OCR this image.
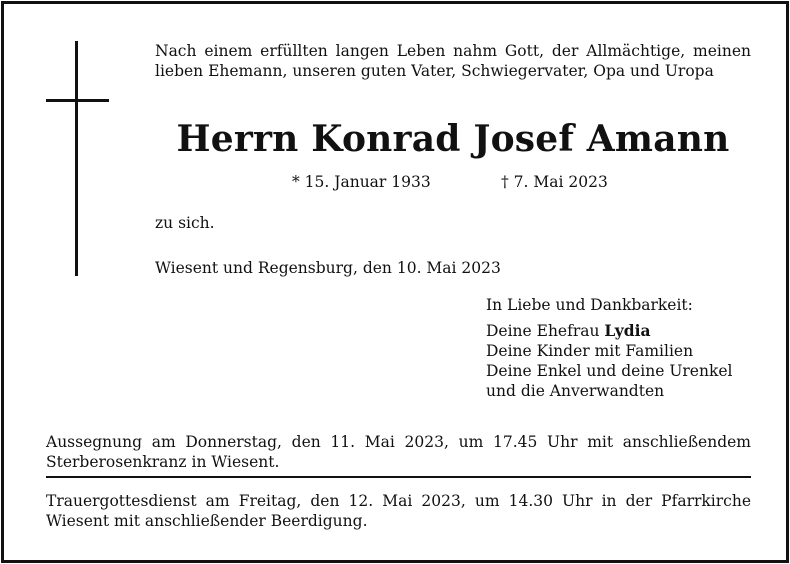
Nach einem erfüllten langen Leben nahm Gott, der Allmächtige, meinen lieben Ehemann, unseren guten Vater, Schwiegervater, Opa und Uropa

Herrn Konrad Josef Amann

* 15. Januar 1933	† 7. Mai 2023

zu sich.

Wiesent und Regensburg, den 10. Mai 2023

In Liebe und Dankbarkeit:

Deine Ehefrau Lydia
Deine Kinder mit Familien
Deine Enkel und deine Urenkel
und die Anverwandten

Aussegnung am Donnerstag, den 11. Mai 2023, um 17.45 Uhr mit anschließendem Sterberosenkranz in Wiesent.

Trauergottesdienst am Freitag, den 12. Mai 2023, um 14.30 Uhr in der Pfarrkirche Wiesent mit anschließender Beerdigung.
